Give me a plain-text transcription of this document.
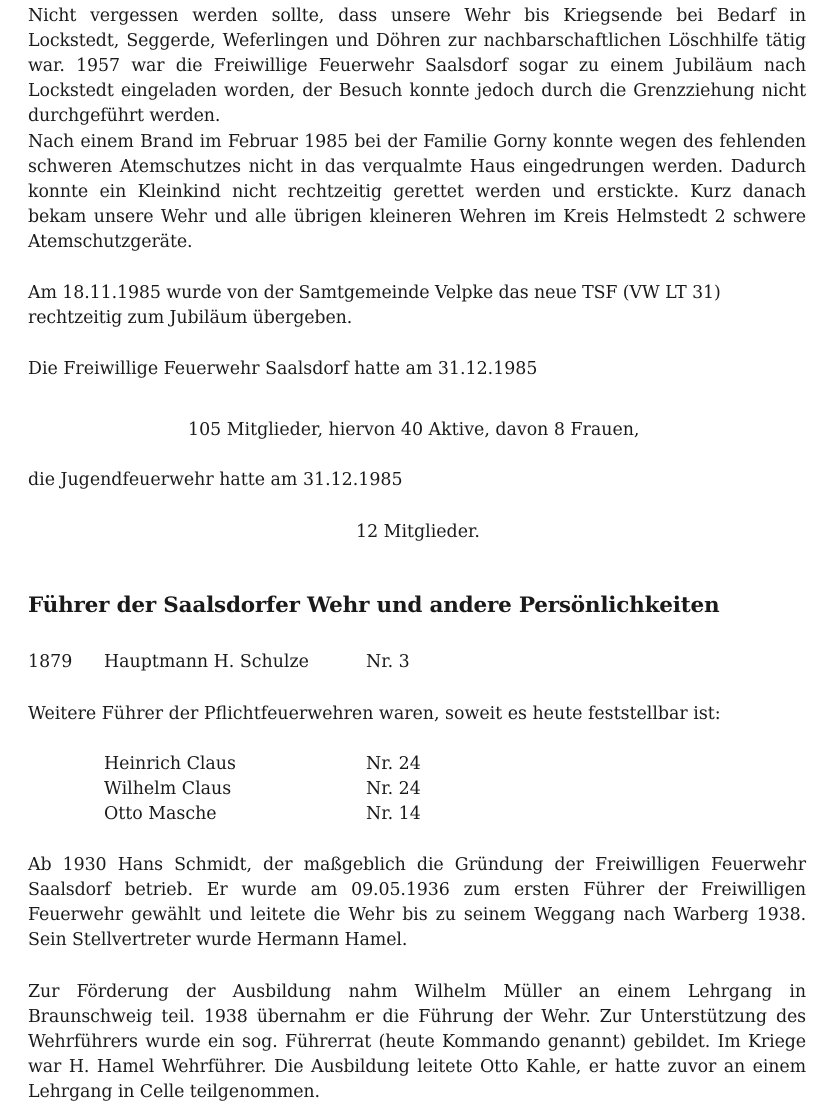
Nicht vergessen werden sollte, dass unsere Wehr bis Kriegsende bei Bedarf in Lockstedt, Seggerde, Weferlingen und Döhren zur nachbarschaftlichen Löschhilfe tätig war. 1957 war die Freiwillige Feuerwehr Saalsdorf sogar zu einem Jubiläum nach Lockstedt eingeladen worden, der Besuch konnte jedoch durch die Grenzziehung nicht durchgeführt werden.

Nach einem Brand im Februar 1985 bei der Familie Gorny konnte wegen des fehlenden schweren Atemschutzes nicht in das verqualmte Haus eingedrungen werden. Dadurch konnte ein Kleinkind nicht rechtzeitig gerettet werden und erstickte. Kurz danach bekam unsere Wehr und alle übrigen kleineren Wehren im Kreis Helmstedt 2 schwere Atemschutzgeräte.

Am 18.11.1985 wurde von der Samtgemeinde Velpke das neue TSF (VW LT 31) rechtzeitig zum Jubiläum übergeben.

Die Freiwillige Feuerwehr Saalsdorf hatte am 31.12.1985

105 Mitglieder, hiervon 40 Aktive, davon 8 Frauen,

die Jugendfeuerwehr hatte am 31.12.1985

12 Mitglieder.

Führer der Saalsdorfer Wehr und andere Persönlichkeiten
1879 Hauptmann H. Schulze	Nr. 3

Weitere Führer der Pflichtfeuerwehren waren, soweit es heute feststellbar ist:

Heinrich Claus	Nr. 24
Wilhelm Claus	Nr. 24
Otto Masche	Nr. 14

Ab 1930 Hans Schmidt, der maßgeblich die Gründung der Freiwilligen Feuerwehr Saalsdorf betrieb. Er wurde am 09.05.1936 zum ersten Führer der Freiwilligen Feuerwehr gewählt und leitete die Wehr bis zu seinem Weggang nach Warberg 1938. Sein Stellvertreter wurde Hermann Hamel.

Zur Förderung der Ausbildung nahm Wilhelm Müller an einem Lehrgang in Braunschweig teil. 1938 übernahm er die Führung der Wehr. Zur Unterstützung des Wehrführers wurde ein sog. Führerrat (heute Kommando genannt) gebildet. Im Kriege war H. Hamel Wehrführer. Die Ausbildung leitete Otto Kahle, er hatte zuvor an einem Lehrgang in Celle teilgenommen.
